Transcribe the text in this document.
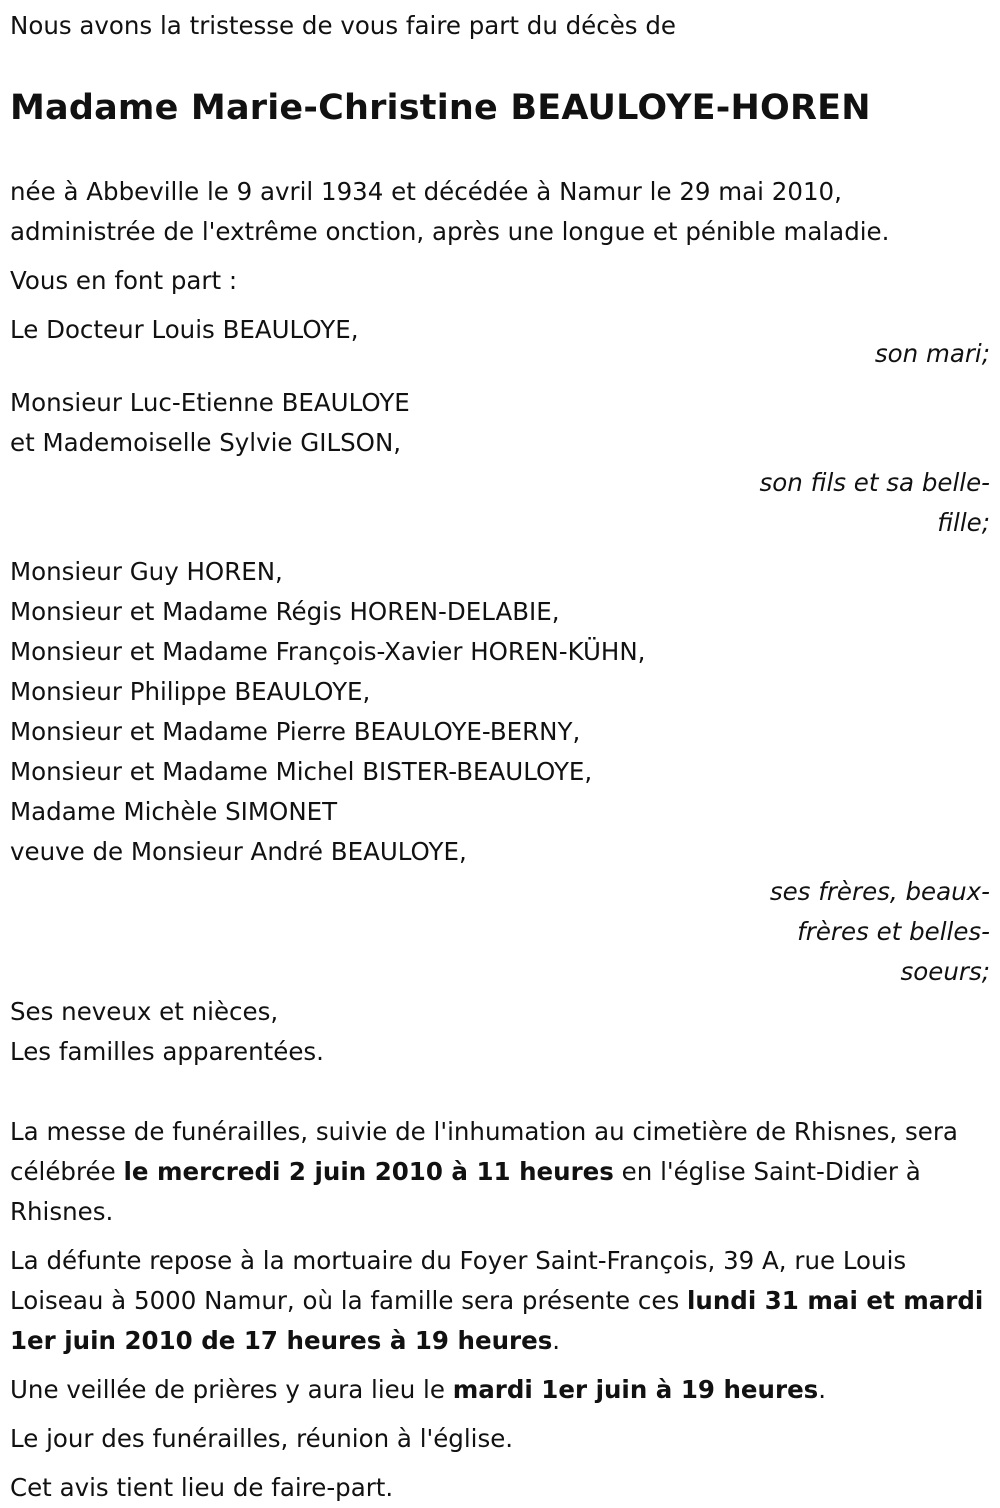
Nous avons la tristesse de vous faire part du décès de

Madame Marie-Christine BEAULOYE-HOREN

née à Abbeville le 9 avril 1934 et décédée à Namur le 29 mai 2010,

administrée de l'extrême onction, après une longue et pénible maladie.

Vous en font part :

Le Docteur Louis BEAULOYE,

son mari;

Monsieur Luc-Etienne BEAULOYE

et Mademoiselle Sylvie GILSON,

son fils et sa belle-fille;

Monsieur Guy HOREN,

Monsieur et Madame Régis HOREN-DELABIE,

Monsieur et Madame François-Xavier HOREN-KÜHN,

Monsieur Philippe BEAULOYE,

Monsieur et Madame Pierre BEAULOYE-BERNY,

Monsieur et Madame Michel BISTER-BEAULOYE,

Madame Michèle SIMONET

veuve de Monsieur André BEAULOYE,

ses frères, beaux-frères et belles-soeurs;

Ses neveux et nièces,

Les familles apparentées.

La messe de funérailles, suivie de l'inhumation au cimetière de Rhisnes, sera célébrée le mercredi 2 juin 2010 à 11 heures en l'église Saint-Didier à Rhisnes.

La défunte repose à la mortuaire du Foyer Saint-François, 39 A, rue Louis Loiseau à 5000 Namur, où la famille sera présente ces lundi 31 mai et mardi 1er juin 2010 de 17 heures à 19 heures.

Une veillée de prières y aura lieu le mardi 1er juin à 19 heures.

Le jour des funérailles, réunion à l'église.

Cet avis tient lieu de faire-part.
